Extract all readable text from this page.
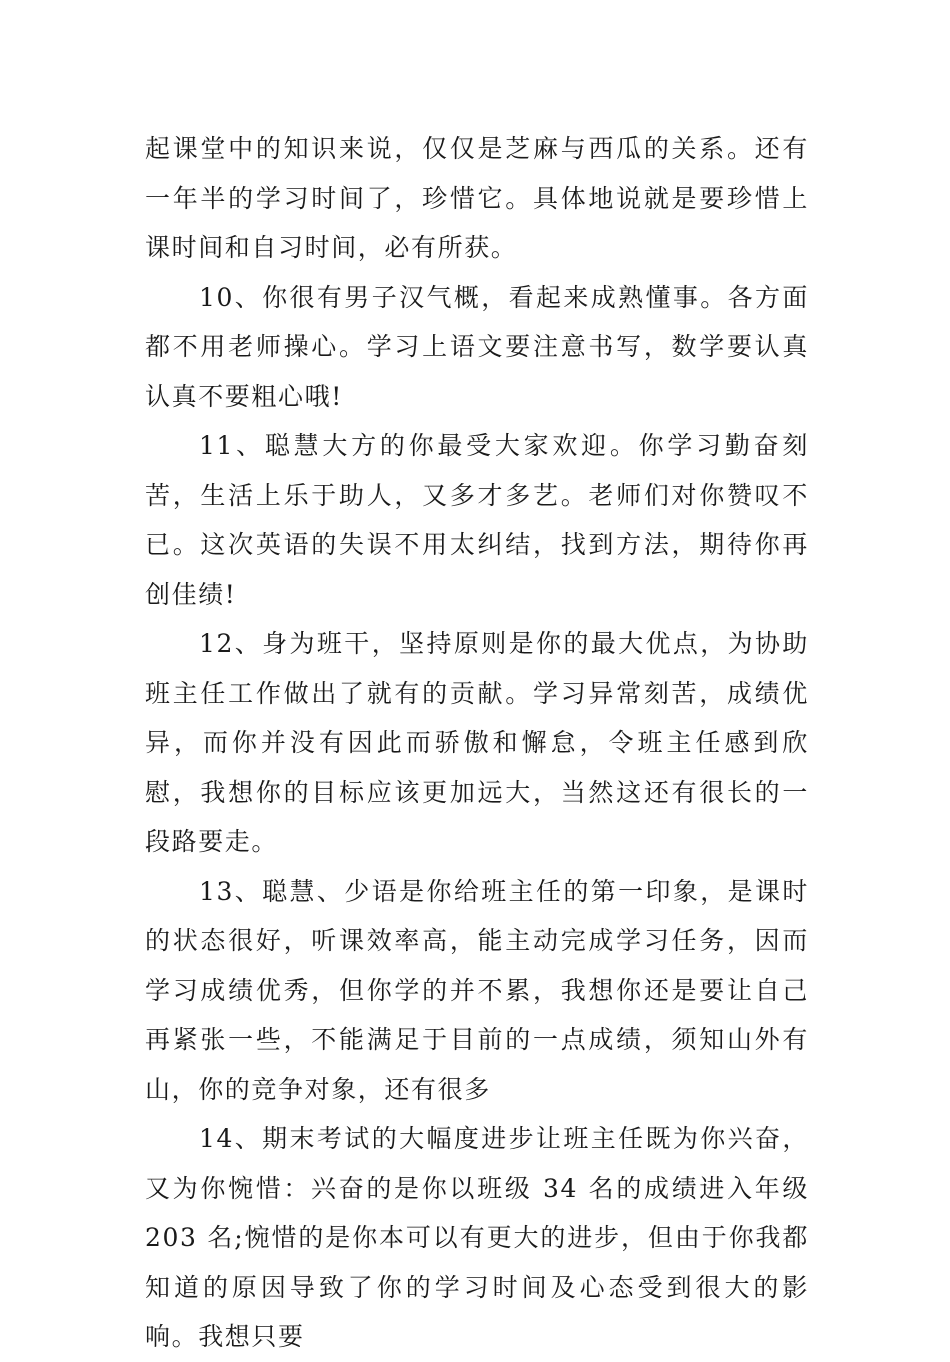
起课堂中的知识来说，仅仅是芝麻与西瓜的关系。还有一年半的学习时间了，珍惜它。具体地说就是要珍惜上课时间和自习时间，必有所获。

10、你很有男子汉气概，看起来成熟懂事。各方面都不用老师操心。学习上语文要注意书写，数学要认真认真不要粗心哦!

11、聪慧大方的你最受大家欢迎。你学习勤奋刻苦，生活上乐于助人，又多才多艺。老师们对你赞叹不已。这次英语的失误不用太纠结，找到方法，期待你再创佳绩!

12、身为班干，坚持原则是你的最大优点，为协助班主任工作做出了就有的贡献。学习异常刻苦，成绩优异，而你并没有因此而骄傲和懈怠，令班主任感到欣慰，我想你的目标应该更加远大，当然这还有很长的一段路要走。

13、聪慧、少语是你给班主任的第一印象，是课时的状态很好，听课效率高，能主动完成学习任务，因而学习成绩优秀，但你学的并不累，我想你还是要让自己再紧张一些，不能满足于目前的一点成绩，须知山外有山，你的竞争对象，还有很多

14、期末考试的大幅度进步让班主任既为你兴奋，又为你惋惜：兴奋的是你以班级 34 名的成绩进入年级 203 名;惋惜的是你本可以有更大的进步，但由于你我都知道的原因导致了你的学习时间及心态受到很大的影响。我想只要
